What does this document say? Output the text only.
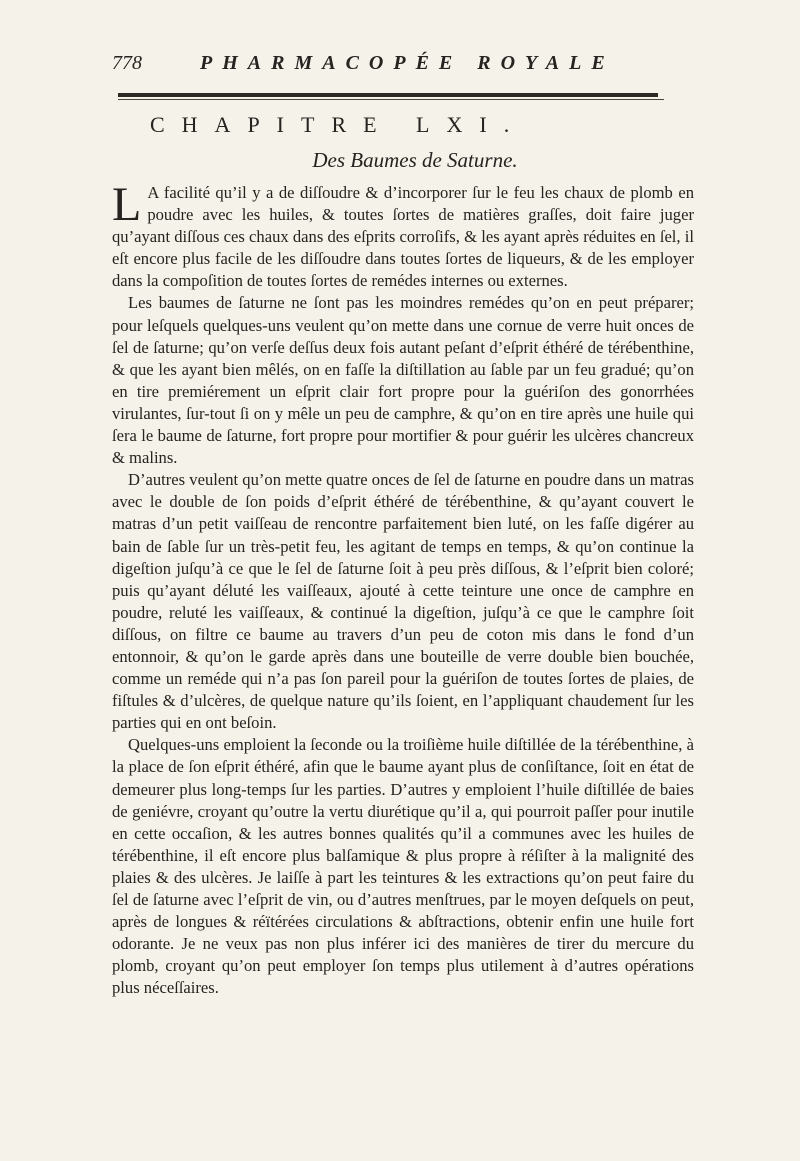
778	PHARMACOPÉE ROYALE
CHAPITRE LXI.
Des Baumes de Saturne.

L A facilité qu’il y a de diſſoudre & d’incorporer ſur le feu les chaux de plomb en poudre avec les huiles, & toutes ſortes de matières graſſes, doit faire juger qu’ayant diſſous ces chaux dans des eſprits corroſifs, & les ayant après réduites en ſel, il eſt encore plus facile de les diſſoudre dans toutes ſortes de liqueurs, & de les employer dans la compoſition de toutes ſortes de remédes internes ou externes.

Les baumes de ſaturne ne ſont pas les moindres remédes qu’on en peut préparer; pour leſquels quelques-uns veulent qu’on mette dans une cornue de verre huit onces de ſel de ſaturne; qu’on verſe deſſus deux fois autant peſant d’eſprit éthéré de térébenthine, & que les ayant bien mêlés, on en faſſe la diſtillation au ſable par un feu gradué; qu’on en tire premiérement un eſprit clair fort propre pour la guériſon des gonorrhées virulantes, ſur-tout ſi on y mêle un peu de camphre, & qu’on en tire après une huile qui ſera le baume de ſaturne, fort propre pour mortifier & pour guérir les ulcères chancreux & malins.

D’autres veulent qu’on mette quatre onces de ſel de ſaturne en poudre dans un matras avec le double de ſon poids d’eſprit éthéré de térébenthine, & qu’ayant couvert le matras d’un petit vaiſſeau de rencontre parfaitement bien luté, on les faſſe digérer au bain de ſable ſur un très-petit feu, les agitant de temps en temps, & qu’on continue la digeſtion juſqu’à ce que le ſel de ſaturne ſoit à peu près diſſous, & l’eſprit bien coloré; puis qu’ayant déluté les vaiſſeaux, ajouté à cette teinture une once de camphre en poudre, reluté les vaiſſeaux, & continué la digeſtion, juſqu’à ce que le camphre ſoit diſſous, on filtre ce baume au travers d’un peu de coton mis dans le fond d’un entonnoir, & qu’on le garde après dans une bouteille de verre double bien bouchée, comme un reméde qui n’a pas ſon pareil pour la guériſon de toutes ſortes de plaies, de fiſtules & d’ulcères, de quelque nature qu’ils ſoient, en l’appliquant chaudement ſur les parties qui en ont beſoin.

Quelques-uns emploient la ſeconde ou la troiſième huile diſtillée de la térébenthine, à la place de ſon eſprit éthéré, afin que le baume ayant plus de conſiſtance, ſoit en état de demeurer plus long-temps ſur les parties. D’autres y emploient l’huile diſtillée de baies de geniévre, croyant qu’outre la vertu diurétique qu’il a, qui pourroit paſſer pour inutile en cette occaſion, & les autres bonnes qualités qu’il a communes avec les huiles de térébenthine, il eſt encore plus balſamique & plus propre à réſiſter à la malignité des plaies & des ulcères. Je laiſſe à part les teintures & les extractions qu’on peut faire du ſel de ſaturne avec l’eſprit de vin, ou d’autres menſtrues, par le moyen deſquels on peut, après de longues & réïtérées circulations & abſtractions, obtenir enfin une huile fort odorante. Je ne veux pas non plus inférer ici des manières de tirer du mercure du plomb, croyant qu’on peut employer ſon temps plus utilement à d’autres opérations plus néceſſaires.
